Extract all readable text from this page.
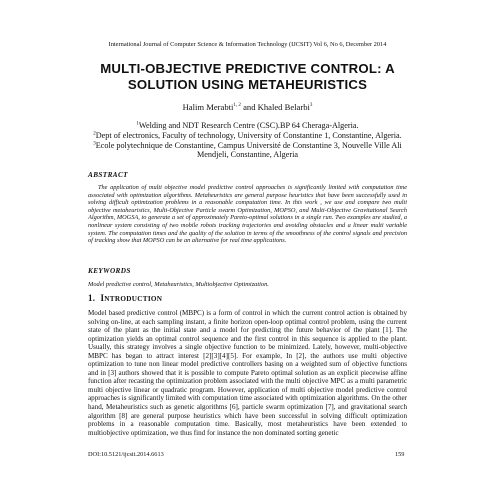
International Journal of Computer Science & Information Technology (IJCSIT) Vol 6, No 6, December 2014
MULTI-OBJECTIVE PREDICTIVE CONTROL: A SOLUTION USING METAHEURISTICS
Halim Merabti$^{1, 2}$ and Khaled Belarbi$^3$

$^1$Welding and NDT Research Centre (CSC).BP 64 Cheraga-Algeria.

$^2$Dept of electronics, Faculty of technology, University of Constantine 1, Constantine, Algeria.

$^3$Ecole polytechnique de Constantine, Campus Université de Constantine 3, Nouvelle Ville Ali Mendjeli, Constantine, Algeria

ABSTRACT
The application of multi objective model predictive control approaches is significantly limited with computation time associated with optimization algorithms. Metaheuristics are general purpose heuristics that have been successfully used in solving difficult optimization problems in a reasonable computation time. In this work , we use and compare two multi objective metaheuristics, Multi-Objective Particle swarm Optimization, MOPSO, and Multi-Objective Gravitational Search Algorithm, MOGSA, to generate a set of approximately Pareto-optimal solutions in a single run. Two examples are studied, a nonlinear system consisting of two mobile robots tracking trajectories and avoiding obstacles and a linear multi variable system. The computation times and the quality of the solution in terms of the smoothness of the control signals and precision of tracking show that MOPSO can be an alternative for real time applications.
KEYWORDS
Model predictive control, Metaheuristics, Multiobjective Optimization.
1. INTRODUCTION
Model based predictive control (MBPC) is a form of control in which the current control action is obtained by solving on-line, at each sampling instant, a finite horizon open-loop optimal control problem, using the current state of the plant as the initial state and a model for predicting the future behavior of the plant [1]. The optimization yields an optimal control sequence and the first control in this sequence is applied to the plant. Usually, this strategy involves a single objective function to be minimized. Lately, however, multi-objective MBPC has began to attract interest [2][3][4][5]. For example, In [2], the authors use multi objective optimization to tune non linear model predictive controllers basing on a weighted sum of objective functions and in [3] authors showed that it is possible to compute Pareto optimal solution as an explicit piecewise affine function after recasting the optimization problem associated with the multi objective MPC as a multi parametric multi objective linear or quadratic program. However, application of multi objective model predictive control approaches is significantly limited with computation time associated with optimization algorithms. On the other hand, Metaheuristics such as genetic algorithms [6], particle swarm optimization [7], and gravitational search algorithm [8] are general purpose heuristics which have been successful in solving difficult optimization problems in a reasonable computation time. Basically, most metaheuristics have been extended to multiobjective optimization, we thus find for instance the non dominated sorting genetic
DOI:10.5121/ijcsit.2014.6613	159
